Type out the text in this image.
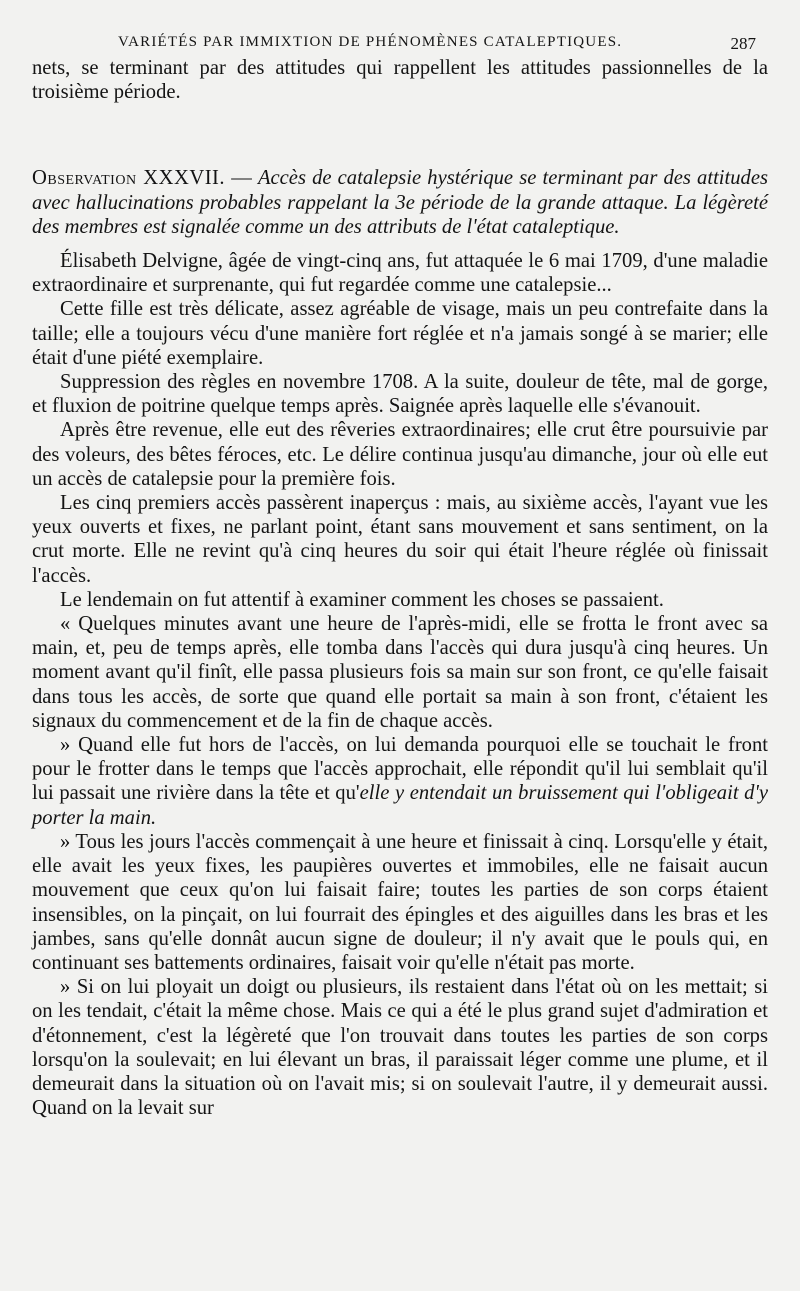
VARIÉTÉS PAR IMMIXTION DE PHÉNOMÈNES CATALEPTIQUES.	287

nets, se terminant par des attitudes qui rappellent les attitudes passionnelles de la troisième période.

Observation XXXVII. — Accès de catalepsie hystérique se terminant par des attitudes avec hallucinations probables rappelant la 3e période de la grande attaque. La légèreté des membres est signalée comme un des attributs de l'état cataleptique.

Élisabeth Delvigne, âgée de vingt-cinq ans, fut attaquée le 6 mai 1709, d'une maladie extraordinaire et surprenante, qui fut regardée comme une catalepsie...

Cette fille est très délicate, assez agréable de visage, mais un peu contrefaite dans la taille; elle a toujours vécu d'une manière fort réglée et n'a jamais songé à se marier; elle était d'une piété exemplaire.

Suppression des règles en novembre 1708. A la suite, douleur de tête, mal de gorge, et fluxion de poitrine quelque temps après. Saignée après laquelle elle s'évanouit.

Après être revenue, elle eut des rêveries extraordinaires; elle crut être poursuivie par des voleurs, des bêtes féroces, etc. Le délire continua jusqu'au dimanche, jour où elle eut un accès de catalepsie pour la première fois.

Les cinq premiers accès passèrent inaperçus : mais, au sixième accès, l'ayant vue les yeux ouverts et fixes, ne parlant point, étant sans mouvement et sans sentiment, on la crut morte. Elle ne revint qu'à cinq heures du soir qui était l'heure réglée où finissait l'accès.

Le lendemain on fut attentif à examiner comment les choses se passaient.

« Quelques minutes avant une heure de l'après-midi, elle se frotta le front avec sa main, et, peu de temps après, elle tomba dans l'accès qui dura jusqu'à cinq heures. Un moment avant qu'il finît, elle passa plusieurs fois sa main sur son front, ce qu'elle faisait dans tous les accès, de sorte que quand elle portait sa main à son front, c'étaient les signaux du commencement et de la fin de chaque accès.

» Quand elle fut hors de l'accès, on lui demanda pourquoi elle se touchait le front pour le frotter dans le temps que l'accès approchait, elle répondit qu'il lui semblait qu'il lui passait une rivière dans la tête et qu'elle y entendait un bruissement qui l'obligeait d'y porter la main.

» Tous les jours l'accès commençait à une heure et finissait à cinq. Lorsqu'elle y était, elle avait les yeux fixes, les paupières ouvertes et immobiles, elle ne faisait aucun mouvement que ceux qu'on lui faisait faire; toutes les parties de son corps étaient insensibles, on la pinçait, on lui fourrait des épingles et des aiguilles dans les bras et les jambes, sans qu'elle donnât aucun signe de douleur; il n'y avait que le pouls qui, en continuant ses battements ordinaires, faisait voir qu'elle n'était pas morte.

» Si on lui ployait un doigt ou plusieurs, ils restaient dans l'état où on les mettait; si on les tendait, c'était la même chose. Mais ce qui a été le plus grand sujet d'admiration et d'étonnement, c'est la légèreté que l'on trouvait dans toutes les parties de son corps lorsqu'on la soulevait; en lui élevant un bras, il paraissait léger comme une plume, et il demeurait dans la situation où on l'avait mis; si on soulevait l'autre, il y demeurait aussi. Quand on la levait sur
